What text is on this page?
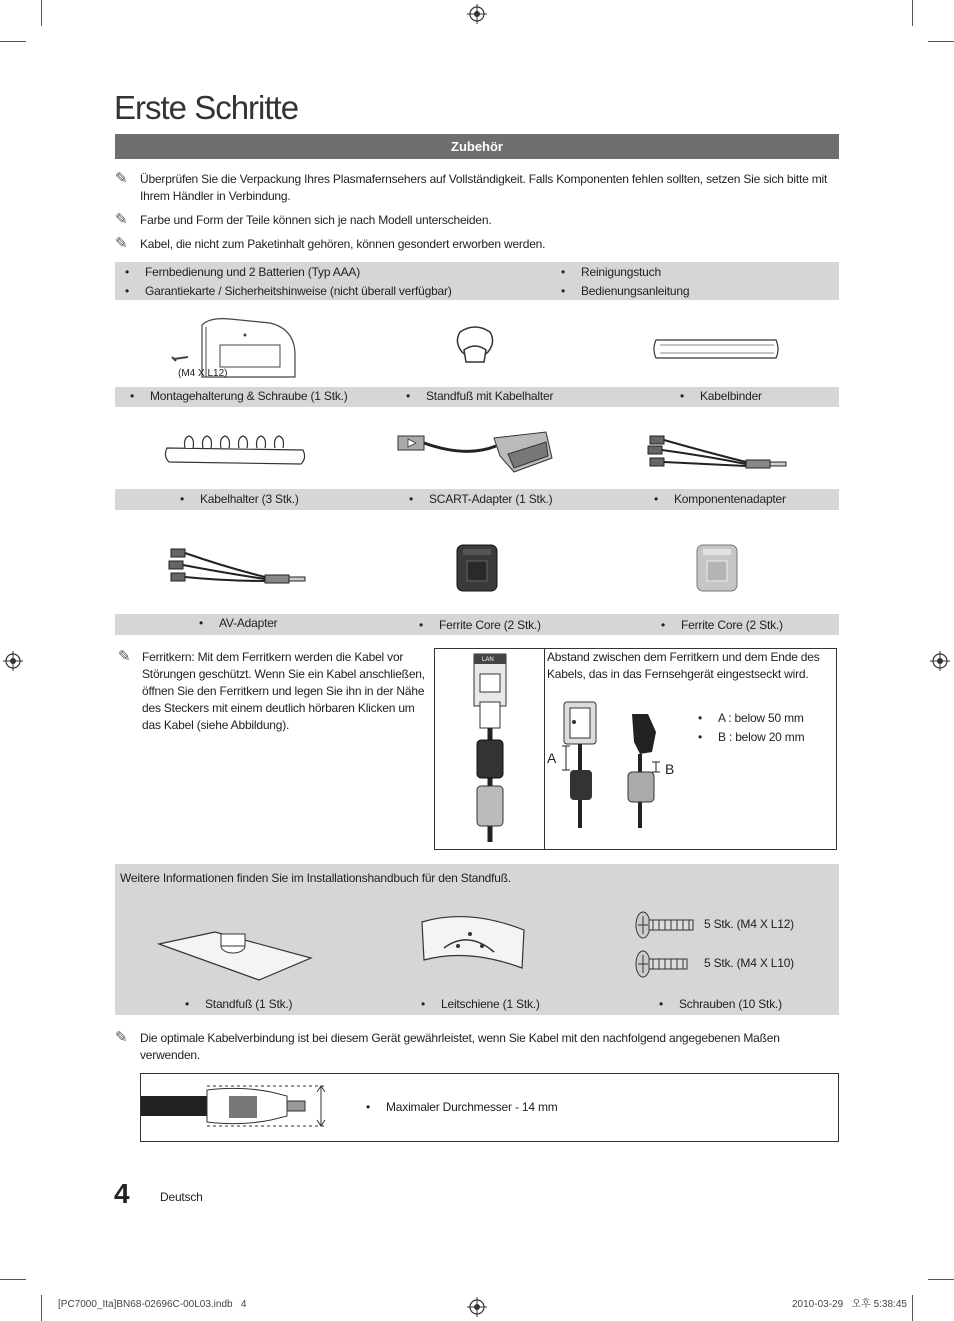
Erste Schritte
Zubehör
✎ Überprüfen Sie die Verpackung Ihres Plasmafernsehers auf Vollständigkeit. Falls Komponenten fehlen sollten, setzen Sie sich bitte mit Ihrem Händler in Verbindung.
✎ Farbe und Form der Teile können sich je nach Modell unterscheiden.
✎ Kabel, die nicht zum Paketinhalt gehören, können gesondert erworben werden.
• Fernbedienung und 2 Batterien (Typ AAA)
• Garantiekarte / Sicherheitshinweise (nicht überall verfügbar)
• Reinigungstuch
• Bedienungsanleitung
(M4 X L12)
• Montagehalterung & Schraube (1 Stk.)	• Standfuß mit Kabelhalter	• Kabelbinder
• Kabelhalter (3 Stk.)	• SCART-Adapter (1 Stk.)	• Komponentenadapter
• AV-Adapter	• Ferrite Core (2 Stk.)	• Ferrite Core (2 Stk.)
✎ Ferritkern: Mit dem Ferritkern werden die Kabel vor Störungen geschützt. Wenn Sie ein Kabel anschließen, öffnen Sie den Ferritkern und legen Sie ihn in der Nähe des Steckers mit einem deutlich hörbaren Klicken um das Kabel (siehe Abbildung).
LAN	Abstand zwischen dem Ferritkern und dem Ende des Kabels, das in das Fernsehgerät eingestseckt wird.
A
B
• A : below 50 mm
• B : below 20 mm
Weitere Informationen finden Sie im Installationshandbuch für den Standfuß.
5 Stk. (M4 X L12)
5 Stk. (M4 X L10)
• Standfuß (1 Stk.)	• Leitschiene (1 Stk.)	• Schrauben (10 Stk.)
✎ Die optimale Kabelverbindung ist bei diesem Gerät gewährleistet, wenn Sie Kabel mit den nachfolgend angegebenen Maßen verwenden.
• Maximaler Durchmesser - 14 mm
4	Deutsch
[PC7000_Ita]BN68-02696C-00L03.indb   4	2010-03-29   오후 5:38:45
